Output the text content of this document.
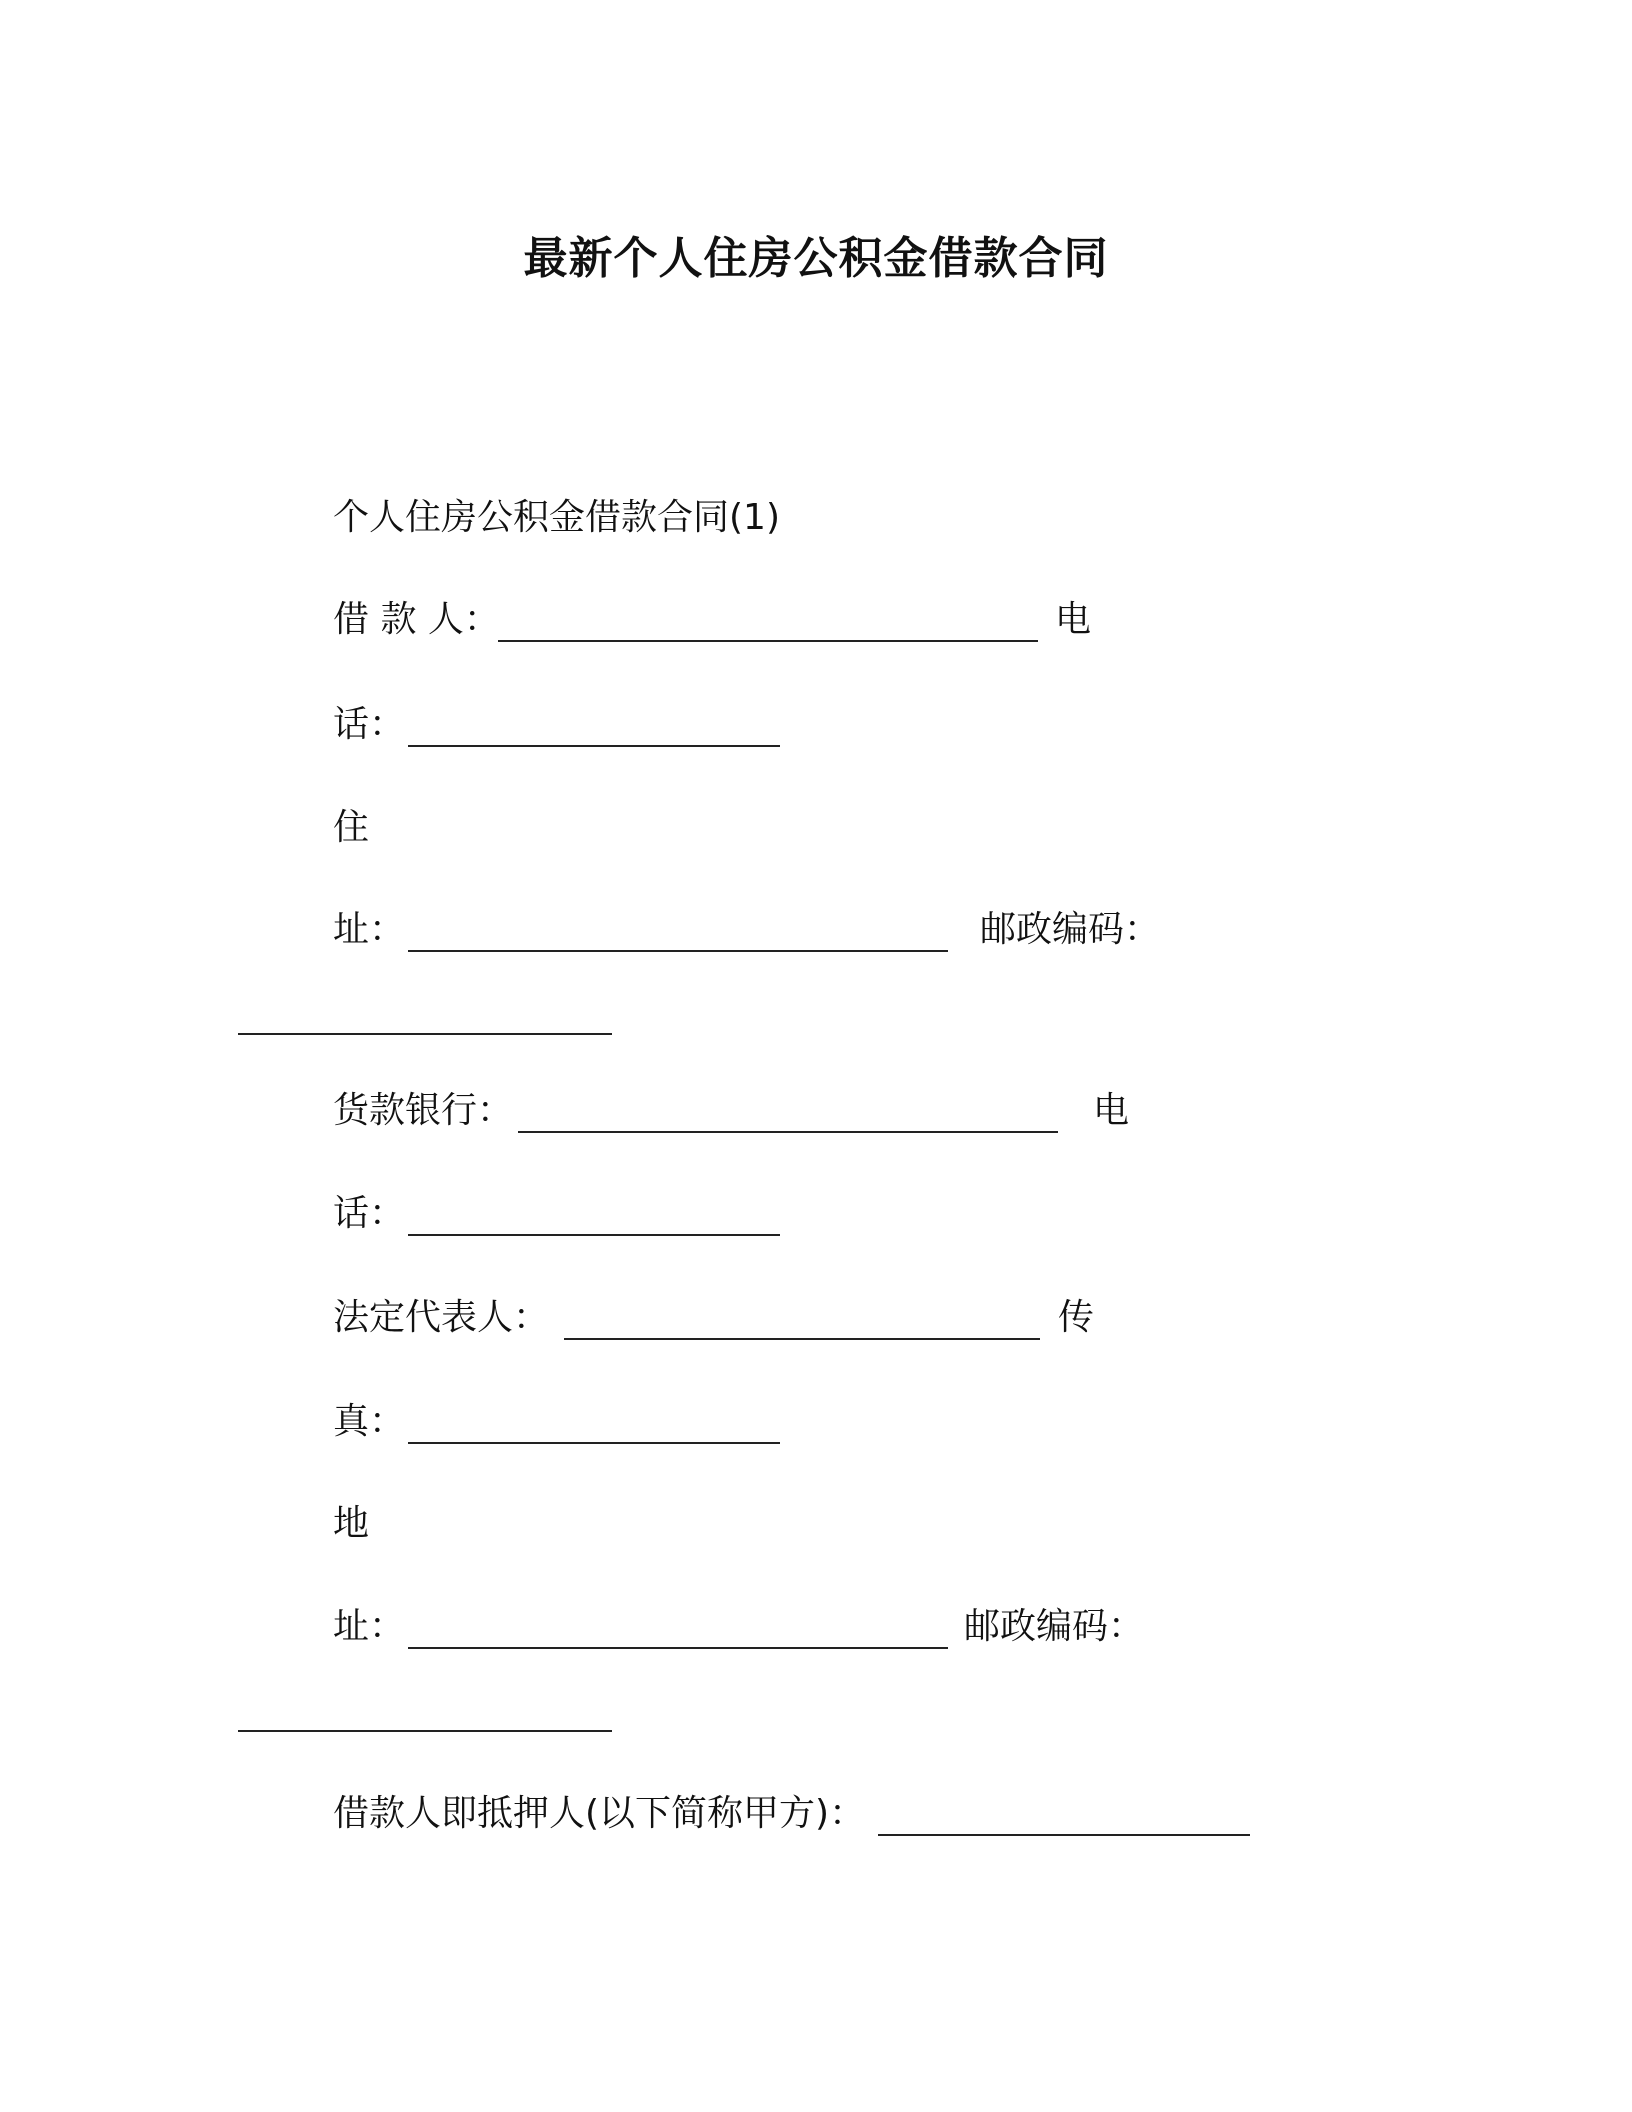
最新个人住房公积金借款合同
个人住房公积金借款合同(1)
借 款 人：	电
话：
住
址：	邮政编码：
货款银行：	电
话：
法定代表人：	传
真：
地
址：	邮政编码：
借款人即抵押人(以下简称甲方)：
